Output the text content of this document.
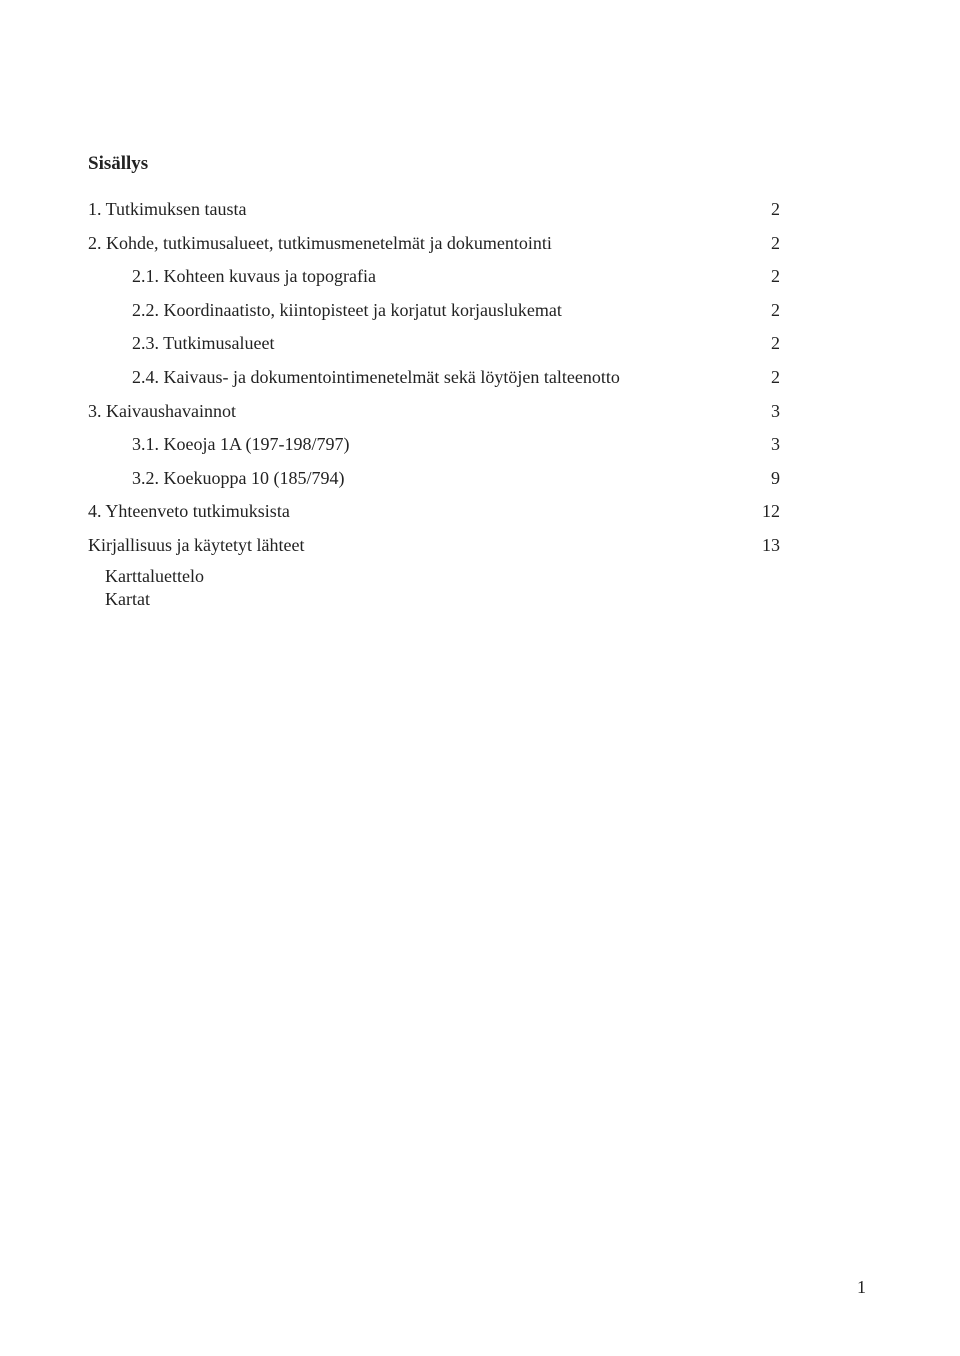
Sisällys
1. Tutkimuksen tausta	2
2. Kohde, tutkimusalueet, tutkimusmenetelmät ja dokumentointi	2
2.1. Kohteen kuvaus ja topografia	2
2.2. Koordinaatisto, kiintopisteet ja korjatut korjauslukemat	2
2.3. Tutkimusalueet	2
2.4. Kaivaus- ja dokumentointimenetelmät sekä löytöjen talteenotto	2
3. Kaivaushavainnot	3
3.1. Koeoja 1A (197-198/797)	3
3.2. Koekuoppa 10 (185/794)	9
4. Yhteenveto tutkimuksista	12
Kirjallisuus ja käytetyt lähteet	13
Karttaluettelo
Kartat
1
